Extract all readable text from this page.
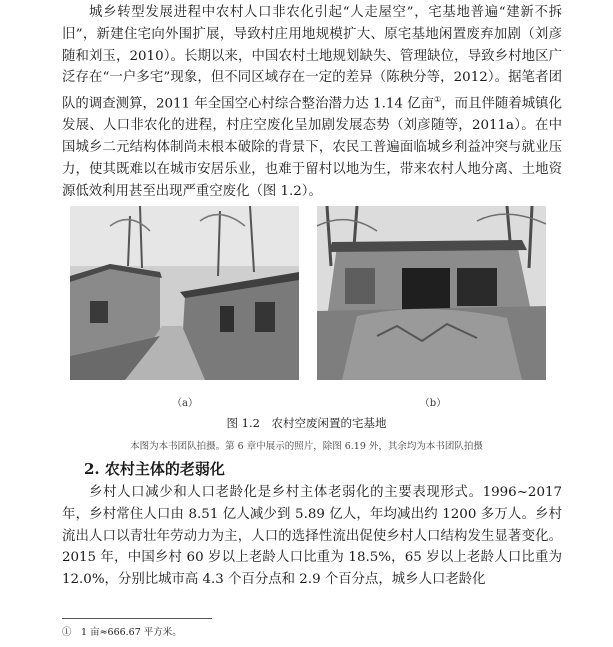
城乡转型发展进程中农村人口非农化引起“人走屋空”，宅基地普遍“建新不拆旧”，新建住宅向外围扩展，导致村庄用地规模扩大、原宅基地闲置废弃加剧（刘彦随和刘玉，2010）。长期以来，中国农村土地规划缺失、管理缺位，导致乡村地区广泛存在“一户多宅”现象，但不同区域存在一定的差异（陈秧分等，2012）。据笔者团队的调查测算，2011 年全国空心村综合整治潜力达 1.14 亿亩①，而且伴随着城镇化发展、人口非农化的进程，村庄空废化呈加剧发展态势（刘彦随等，2011a）。在中国城乡二元结构体制尚未根本破除的背景下，农民工普遍面临城乡利益冲突与就业压力，使其既难以在城市安居乐业，也难于留村以地为生，带来农村人地分离、土地资源低效利用甚至出现严重空废化（图 1.2）。

（a）	（b）
图 1.2　农村空废闲置的宅基地
本图为本书团队拍摄。第 6 章中展示的照片，除图 6.19 外，其余均为本书团队拍摄
2. 农村主体的老弱化

乡村人口减少和人口老龄化是乡村主体老弱化的主要表现形式。1996~2017 年，乡村常住人口由 8.51 亿人减少到 5.89 亿人，年均减出约 1200 多万人。乡村流出人口以青壮年劳动力为主，人口的选择性流出促使乡村人口结构发生显著变化。2015 年，中国乡村 60 岁以上老龄人口比重为 18.5%，65 岁以上老龄人口比重为 12.0%，分别比城市高 4.3 个百分点和 2.9 个百分点，城乡人口老龄化

①　1 亩≈666.67 平方米。
